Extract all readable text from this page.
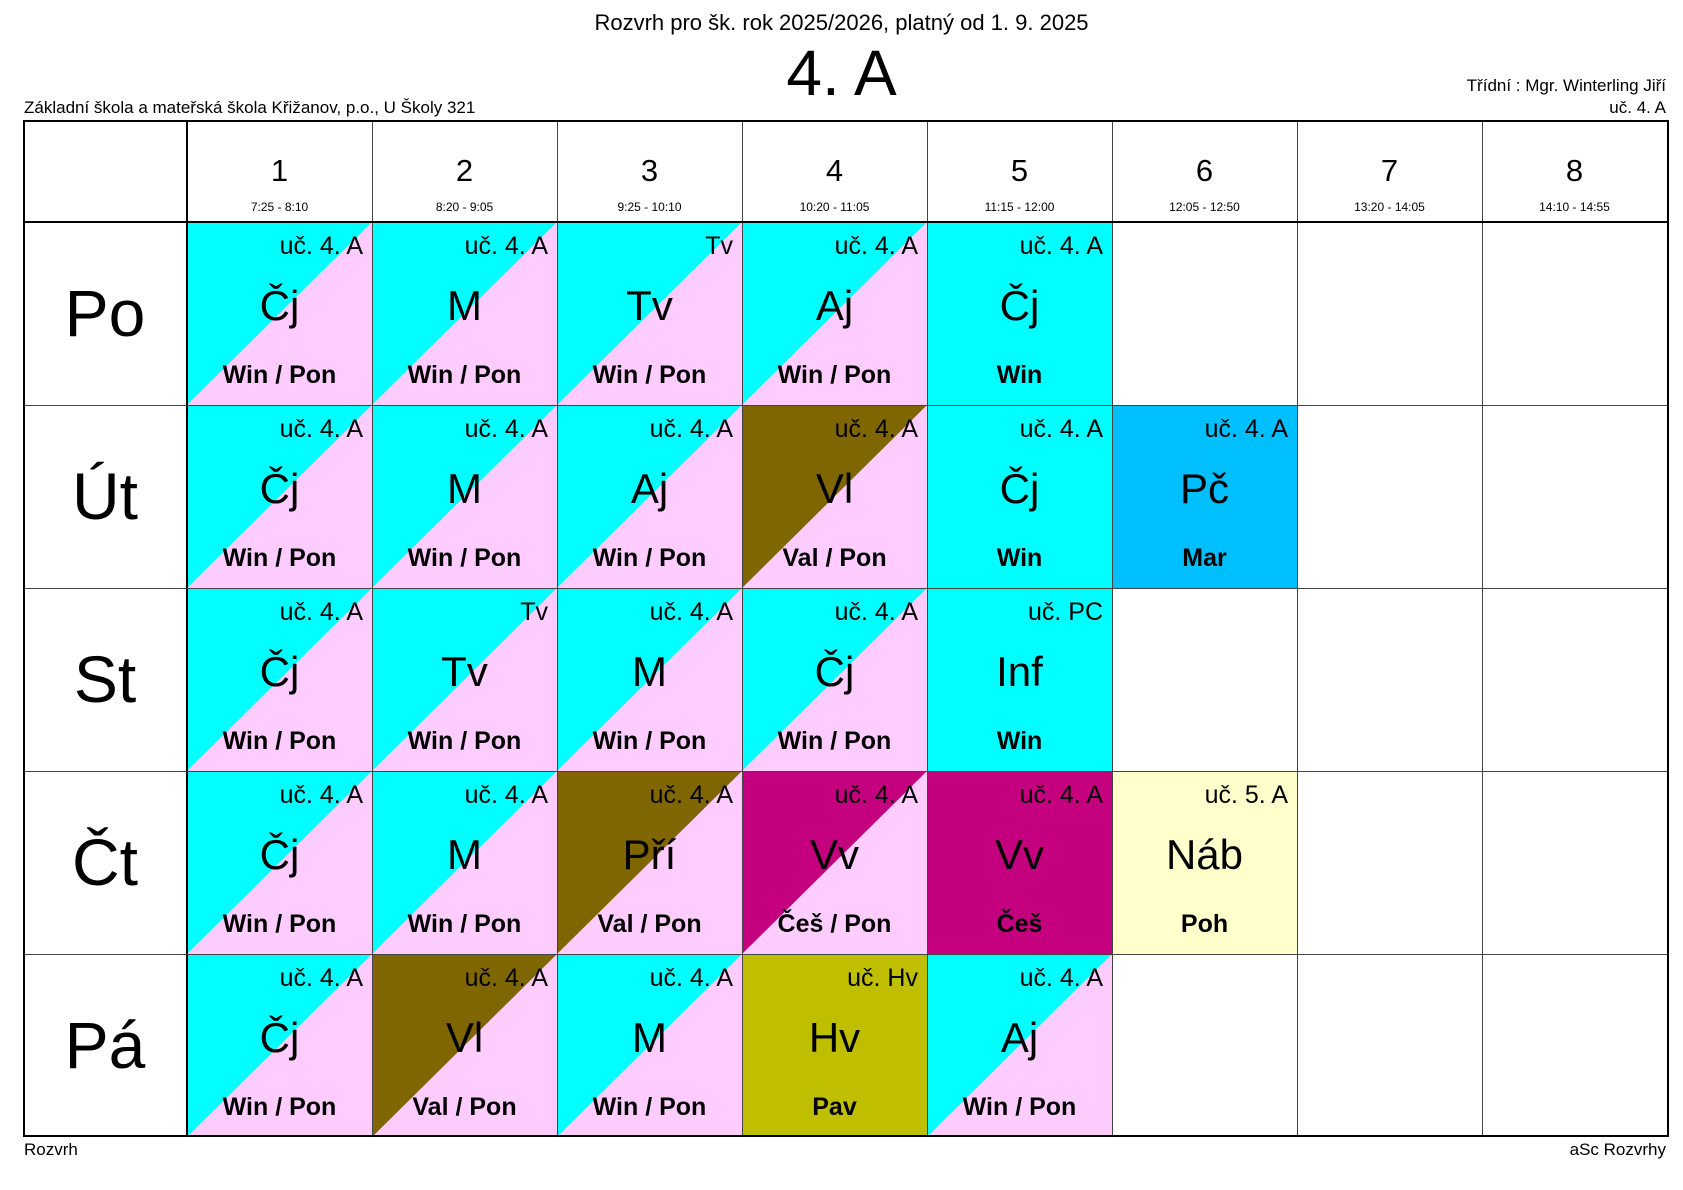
Rozvrh pro šk. rok 2025/2026, platný od 1. 9. 2025
4. A
Základní škola a mateřská škola Křižanov, p.o., U Školy 321
Třídní : Mgr. Winterling Jiří
uč. 4. A
1
7:25 - 8:10
2
8:20 - 9:05
3
9:25 - 10:10
4
10:20 - 11:05
5
11:15 - 12:00
6
12:05 - 12:50
7
13:20 - 14:05
8
14:10 - 14:55
Po
uč. 4. A
Čj
Win / Pon
uč. 4. A
M
Win / Pon
Tv
Tv
Win / Pon
uč. 4. A
Aj
Win / Pon
uč. 4. A
Čj
Win
Út
uč. 4. A
Čj
Win / Pon
uč. 4. A
M
Win / Pon
uč. 4. A
Aj
Win / Pon
uč. 4. A
Vl
Val / Pon
uč. 4. A
Čj
Win
uč. 4. A
Pč
Mar
St
uč. 4. A
Čj
Win / Pon
Tv
Tv
Win / Pon
uč. 4. A
M
Win / Pon
uč. 4. A
Čj
Win / Pon
uč. PC
Inf
Win
Čt
uč. 4. A
Čj
Win / Pon
uč. 4. A
M
Win / Pon
uč. 4. A
Pří
Val / Pon
uč. 4. A
Vv
Češ / Pon
uč. 4. A
Vv
Češ
uč. 5. A
Náb
Poh
Pá
uč. 4. A
Čj
Win / Pon
uč. 4. A
Vl
Val / Pon
uč. 4. A
M
Win / Pon
uč. Hv
Hv
Pav
uč. 4. A
Aj
Win / Pon
Rozvrh	aSc Rozvrhy
